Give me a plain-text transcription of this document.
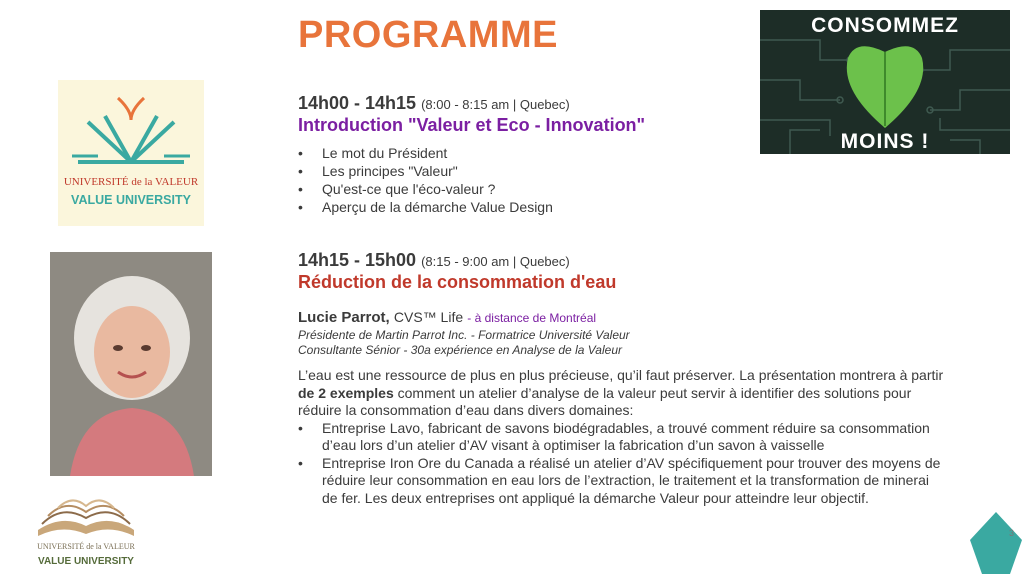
PROGRAMME
UNIVERSITÉ de la VALEUR
VALUE UNIVERSITY
UNIVERSITÉ de la VALEUR
VALUE UNIVERSITY
CONSOMMEZ
MOINS !
14h00 - 14h15 (8:00 - 8:15 am | Quebec)
Introduction "Valeur et Eco - Innovation"
• Le mot du Président
• Les principes "Valeur"
• Qu'est-ce que l'éco-valeur ?
• Aperçu de la démarche Value Design
14h15 - 15h00 (8:15 - 9:00 am | Quebec)
Réduction de la consommation d'eau
Lucie Parrot, CVS™ Life - à distance de Montréal
Présidente de Martin Parrot Inc. - Formatrice Université Valeur
Consultante Sénior - 30a expérience en Analyse de la Valeur

L’eau est une ressource de plus en plus précieuse, qu’il faut préserver. La présentation montrera à partir de 2 exemples comment un atelier d’analyse de la valeur peut servir à identifier des solutions pour réduire la consommation d’eau dans divers domaines:

• Entreprise Lavo, fabricant de savons biodégradables, a trouvé comment réduire sa consommation d’eau lors d’un atelier d’AV visant à optimiser la fabrication d’un savon à vaisselle
• Entreprise Iron Ore du Canada a réalisé un atelier d’AV spécifiquement pour trouver des moyens de réduire leur consommation en eau lors de l’extraction, le traitement et la transformation de minerai de fer. Les deux entreprises ont appliqué la démarche Valeur pour atteindre leur objectif.
3
